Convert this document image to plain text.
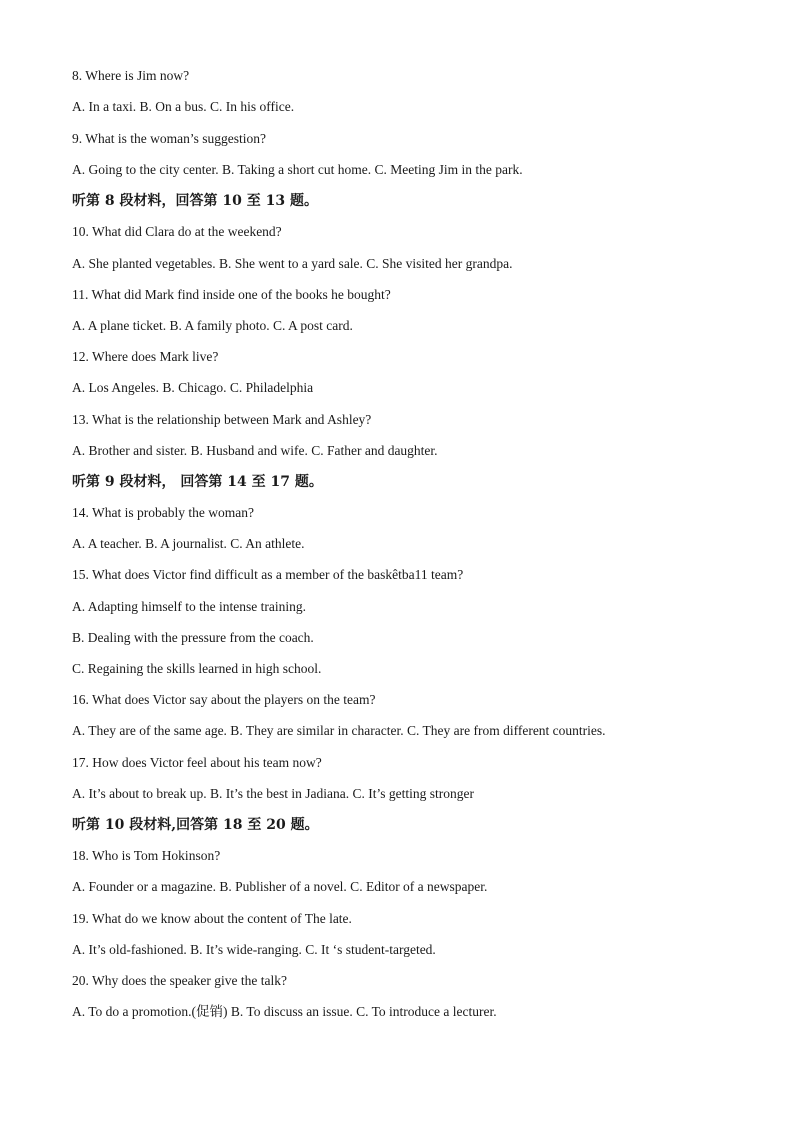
8. Where is Jim now?
A. In a taxi. B. On a bus. C. In his office.
9. What is the woman’s suggestion?
A. Going to the city center. B. Taking a short cut home. C. Meeting Jim in the park.
听第 8 段材料，回答第 10 至 13 题。
10. What did Clara do at the weekend?
A. She planted vegetables. B. She went to a yard sale. C. She visited her grandpa.
11. What did Mark find inside one of the books he bought?
A. A plane ticket. B. A family photo. C. A post card.
12. Where does Mark live?
A. Los Angeles. B. Chicago. C. Philadelphia
13. What is the relationship between Mark and Ashley?
A. Brother and sister. B. Husband and wife. C. Father and daughter.
听第 9 段材料， 回答第 14 至 17 题。
14. What is probably the woman?
A. A teacher. B. A journalist. C. An athlete.
15. What does Victor find difficult as a member of the baskêtba11 team?
A. Adapting himself to the intense training.
B. Dealing with the pressure from the coach.
C. Regaining the skills learned in high school.
16. What does Victor say about the players on the team?
A. They are of the same age. B. They are similar in character. C. They are from different countries.
17. How does Victor feel about his team now?
A. It’s about to break up. B. It’s the best in Jadiana. C. It’s getting stronger
听第 10 段材料,回答第 18 至 20 题。
18. Who is Tom Hokinson?
A. Founder or a magazine. B. Publisher of a novel. C. Editor of a newspaper.
19. What do we know about the content of The late.
A. It’s old-fashioned. B. It’s wide-ranging. C. It ‘s student-targeted.
20. Why does the speaker give the talk?
A. To do a promotion.(促销) B. To discuss an issue. C. To introduce a lecturer.
